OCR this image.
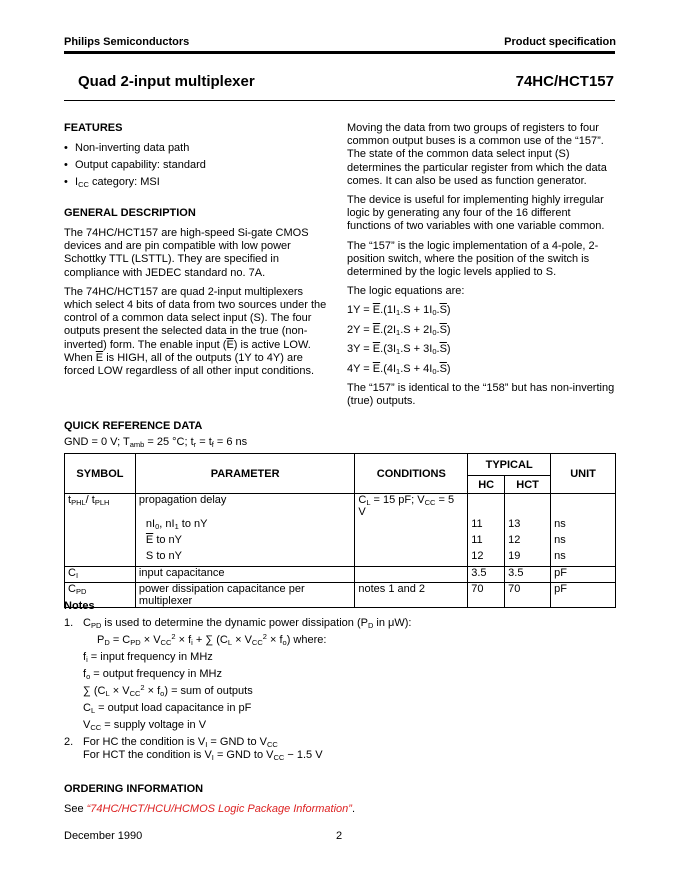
Philips Semiconductors	Product specification
Quad 2-input multiplexer	74HC/HCT157
FEATURES
• Non-inverting data path
• Output capability: standard
• $I_{CC}$ category: MSI
GENERAL DESCRIPTION
The 74HC/HCT157 are high-speed Si-gate CMOS devices and are pin compatible with low power Schottky TTL (LSTTL). They are specified in compliance with JEDEC standard no. 7A.
The 74HC/HCT157 are quad 2-input multiplexers which select 4 bits of data from two sources under the control of a common data select input (S). The four outputs present the selected data in the true (non-inverted) form. The enable input $(\overline{E})$ is active LOW. When $\overline{E}$ is HIGH, all of the outputs (1Y to 4Y) are forced LOW regardless of all other input conditions.
Moving the data from two groups of registers to four common output buses is a common use of the “157”. The state of the common data select input (S) determines the particular register from which the data comes. It can also be used as function generator.
The device is useful for implementing highly irregular logic by generating any four of the 16 different functions of two variables with one variable common.
The “157” is the logic implementation of a 4-pole, 2-position switch, where the position of the switch is determined by the logic levels applied to S.
The logic equations are:
$1Y = \overline{E}.(1I_1.S + 1I_0.\overline{S})$
$2Y = \overline{E}.(2I_1.S + 2I_0.\overline{S})$
$3Y = \overline{E}.(3I_1.S + 3I_0.\overline{S})$
$4Y = \overline{E}.(4I_1.S + 4I_0.\overline{S})$
The “157” is identical to the “158” but has non-inverting (true) outputs.
QUICK REFERENCE DATA
GND = 0 V; $T_{amb} = 25$ °C; $t_r = t_f = 6$ ns
SYMBOL	PARAMETER	CONDITIONS	TYPICAL		UNIT
			HC	HCT	
$t_{PHL}/$ $t_{PLH}$	propagation delay	$C_L = 15$ pF; $V_{CC} = 5$ V			
	$nI_0$, $nI_1$ to nY		11	13	ns
	$\overline{E}$ to nY		11	12	ns
	S to nY		12	19	ns
$C_I$	input capacitance		3.5	3.5	pF
$C_{PD}$	power dissipation capacitance per multiplexer	notes 1 and 2	70	70	pF
Notes
1. $C_{PD}$ is used to determine the dynamic power dissipation ($P_D$ in μW):
$P_D = C_{PD} \times V_{CC}^2 \times f_i$ + ∑ $(C_L \times V_{CC}^2 \times f_o)$ where:
$f_i$ = input frequency in MHz
$f_o$ = output frequency in MHz
∑ $(C_L \times V_{CC}^2 \times f_o)$ = sum of outputs
$C_L$ = output load capacitance in pF
$V_{CC}$ = supply voltage in V
2. For HC the condition is $V_I$ = GND to $V_{CC}$
For HCT the condition is $V_I$ = GND to $V_{CC} - 1.5$ V
ORDERING INFORMATION
See “74HC/HCT/HCU/HCMOS Logic Package Information”.
December 1990	2
